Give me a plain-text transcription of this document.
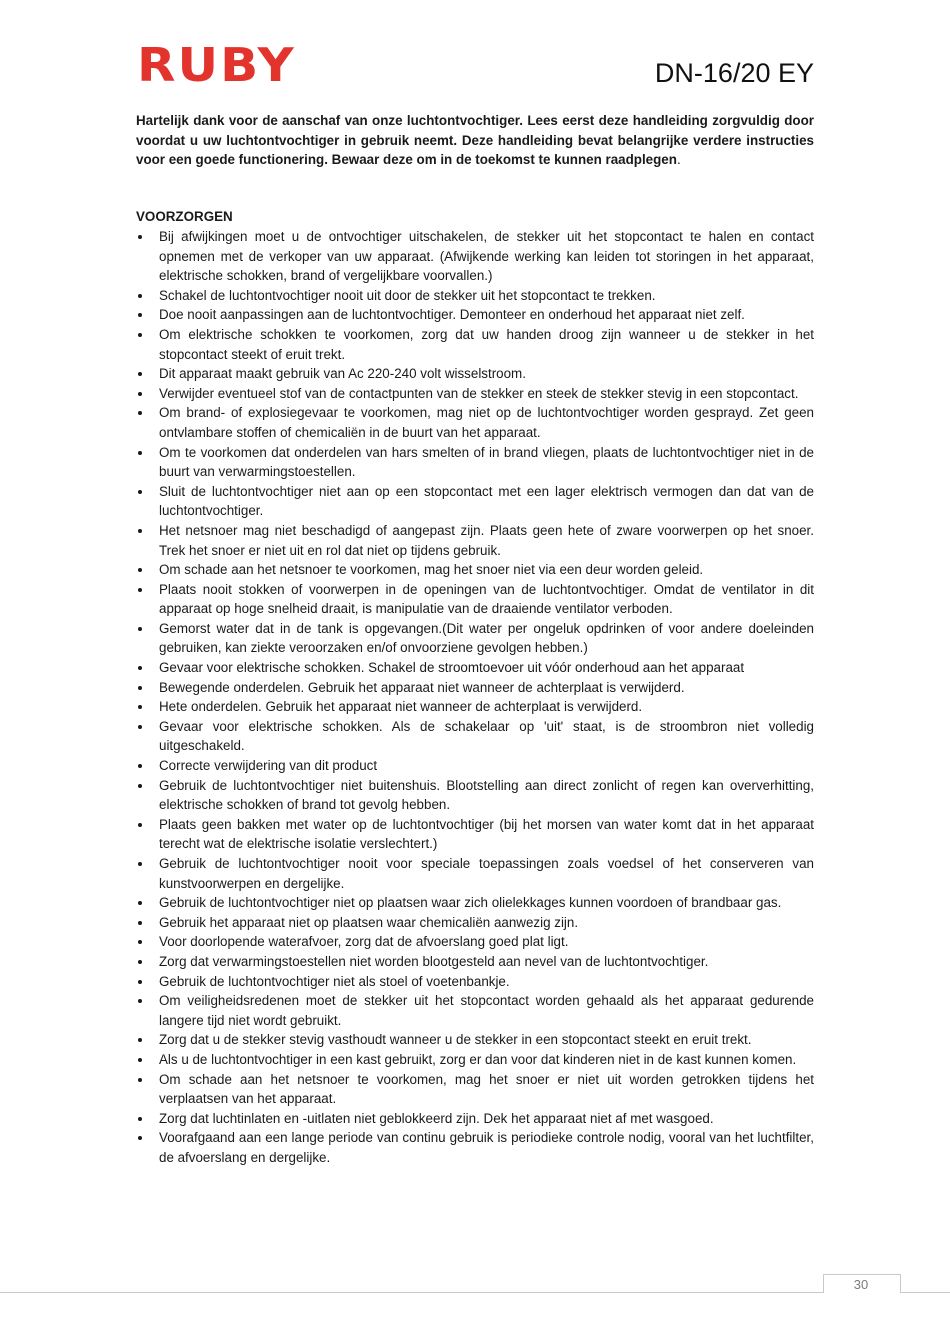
RUBY	DN-16/20 EY
Hartelijk dank voor de aanschaf van onze luchtontvochtiger. Lees eerst deze handleiding zorgvuldig door voordat u uw luchtontvochtiger in gebruik neemt. Deze handleiding bevat belangrijke verdere instructies voor een goede functionering. Bewaar deze om in de toekomst te kunnen raadplegen.
VOORZORGEN
Bij afwijkingen moet u de ontvochtiger uitschakelen, de stekker uit het stopcontact te halen en contact opnemen met de verkoper van uw apparaat. (Afwijkende werking kan leiden tot storingen in het apparaat, elektrische schokken, brand of vergelijkbare voorvallen.)
Schakel de luchtontvochtiger nooit uit door de stekker uit het stopcontact te trekken.
Doe nooit aanpassingen aan de luchtontvochtiger. Demonteer en onderhoud het apparaat niet zelf.
Om elektrische schokken te voorkomen, zorg dat uw handen droog zijn wanneer u de stekker in het stopcontact steekt of eruit trekt.
Dit apparaat maakt gebruik van Ac 220-240 volt wisselstroom.
Verwijder eventueel stof van de contactpunten van de stekker en steek de stekker stevig in een stopcontact.
Om brand- of explosiegevaar te voorkomen, mag niet op de luchtontvochtiger worden gesprayd. Zet geen ontvlambare stoffen of chemicaliën in de buurt van het apparaat.
Om te voorkomen dat onderdelen van hars smelten of in brand vliegen, plaats de luchtontvochtiger niet in de buurt van verwarmingstoestellen.
Sluit de luchtontvochtiger niet aan op een stopcontact met een lager elektrisch vermogen dan dat van de luchtontvochtiger.
Het netsnoer mag niet beschadigd of aangepast zijn. Plaats geen hete of zware voorwerpen op het snoer. Trek het snoer er niet uit en rol dat niet op tijdens gebruik.
Om schade aan het netsnoer te voorkomen, mag het snoer niet via een deur worden geleid.
Plaats nooit stokken of voorwerpen in de openingen van de luchtontvochtiger. Omdat de ventilator in dit apparaat op hoge snelheid draait, is manipulatie van de draaiende ventilator verboden.
Gemorst water dat in de tank is opgevangen.(Dit water per ongeluk opdrinken of voor andere doeleinden gebruiken, kan ziekte veroorzaken en/of onvoorziene gevolgen hebben.)
Gevaar voor elektrische schokken. Schakel de stroomtoevoer uit vóór onderhoud aan het apparaat
Bewegende onderdelen. Gebruik het apparaat niet wanneer de achterplaat is verwijderd.
Hete onderdelen. Gebruik het apparaat niet wanneer de achterplaat is verwijderd.
Gevaar voor elektrische schokken. Als de schakelaar op 'uit' staat, is de stroombron niet volledig uitgeschakeld.
Correcte verwijdering van dit product
Gebruik de luchtontvochtiger niet buitenshuis. Blootstelling aan direct zonlicht of regen kan oververhitting, elektrische schokken of brand tot gevolg hebben.
Plaats geen bakken met water op de luchtontvochtiger (bij het morsen van water komt dat in het apparaat terecht wat de elektrische isolatie verslechtert.)
Gebruik de luchtontvochtiger nooit voor speciale toepassingen zoals voedsel of het conserveren van kunstvoorwerpen en dergelijke.
Gebruik de luchtontvochtiger niet op plaatsen waar zich olielekkages kunnen voordoen of brandbaar gas.
Gebruik het apparaat niet op plaatsen waar chemicaliën aanwezig zijn.
Voor doorlopende waterafvoer, zorg dat de afvoerslang goed plat ligt.
Zorg dat verwarmingstoestellen niet worden blootgesteld aan nevel van de luchtontvochtiger.
Gebruik de luchtontvochtiger niet als stoel of voetenbankje.
Om veiligheidsredenen moet de stekker uit het stopcontact worden gehaald als het apparaat gedurende langere tijd niet wordt gebruikt.
Zorg dat u de stekker stevig vasthoudt wanneer u de stekker in een stopcontact steekt en eruit trekt.
Als u de luchtontvochtiger in een kast gebruikt, zorg er dan voor dat kinderen niet in de kast kunnen komen.
Om schade aan het netsnoer te voorkomen, mag het snoer er niet uit worden getrokken tijdens het verplaatsen van het apparaat.
Zorg dat luchtinlaten en -uitlaten niet geblokkeerd zijn. Dek het apparaat niet af met wasgoed.
Voorafgaand aan een lange periode van continu gebruik is periodieke controle nodig, vooral van het luchtfilter, de afvoerslang en dergelijke.
30
